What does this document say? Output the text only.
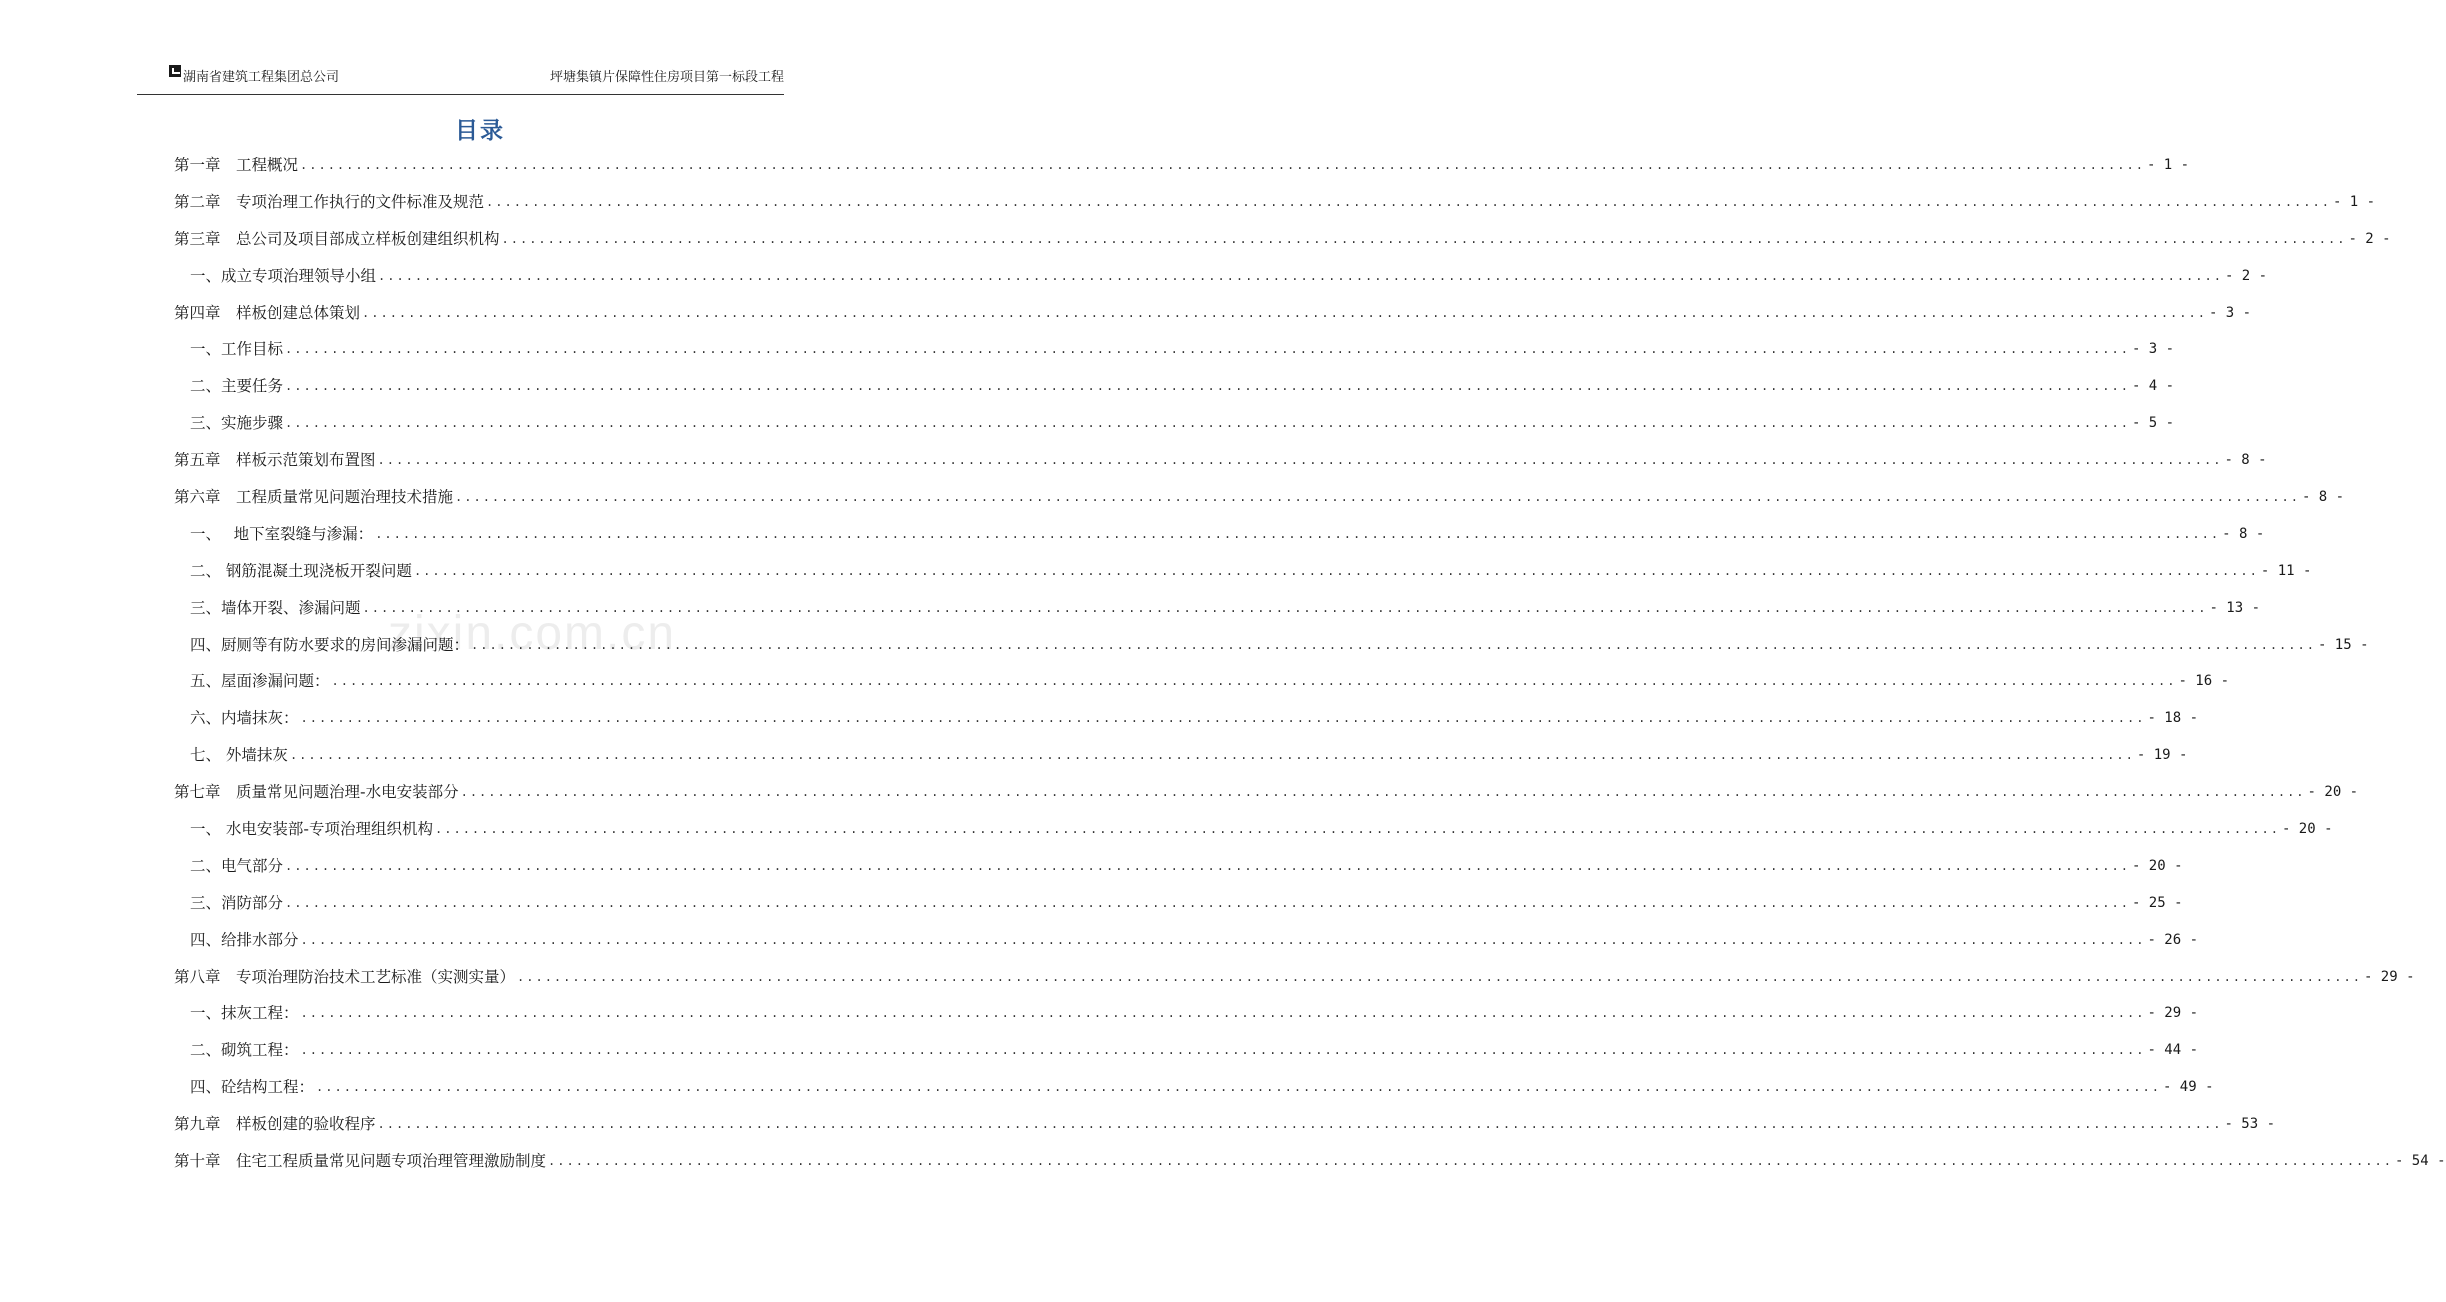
湖南省建筑工程集团总公司	坪塘集镇片保障性住房项目第一标段工程
目录
zixin.com.cn
第一章　工程概况 ........................................................................................................................................................................................................ - 1 -
第二章　专项治理工作执行的文件标准及规范 ........................................................................................................................................................................................................ - 1 -
第三章　总公司及项目部成立样板创建组织机构 ........................................................................................................................................................................................................ - 2 -
一、成立专项治理领导小组 ........................................................................................................................................................................................................ - 2 -
第四章　样板创建总体策划 ........................................................................................................................................................................................................ - 3 -
一、工作目标 ........................................................................................................................................................................................................ - 3 -
二、主要任务 ........................................................................................................................................................................................................ - 4 -
三、实施步骤 ........................................................................................................................................................................................................ - 5 -
第五章　样板示范策划布置图 ........................................................................................................................................................................................................ - 8 -
第六章　工程质量常见问题治理技术措施 ........................................................................................................................................................................................................ - 8 -
一、　 地下室裂缝与渗漏： ........................................................................................................................................................................................................ - 8 -
二、 钢筋混凝土现浇板开裂问题 ........................................................................................................................................................................................................ - 11 -
三、墙体开裂、渗漏问题 ........................................................................................................................................................................................................ - 13 -
四、厨厕等有防水要求的房间渗漏问题： ........................................................................................................................................................................................................ - 15 -
五、屋面渗漏问题： ........................................................................................................................................................................................................ - 16 -
六、内墙抹灰： ........................................................................................................................................................................................................ - 18 -
七、 外墙抹灰 ........................................................................................................................................................................................................ - 19 -
第七章　质量常见问题治理-水电安装部分 ........................................................................................................................................................................................................ - 20 -
一、 水电安装部-专项治理组织机构 ........................................................................................................................................................................................................ - 20 -
二、电气部分 ........................................................................................................................................................................................................ - 20 -
三、消防部分 ........................................................................................................................................................................................................ - 25 -
四、给排水部分 ........................................................................................................................................................................................................ - 26 -
第八章　专项治理防治技术工艺标准（实测实量） ........................................................................................................................................................................................................ - 29 -
一、抹灰工程： ........................................................................................................................................................................................................ - 29 -
二、砌筑工程： ........................................................................................................................................................................................................ - 44 -
四、砼结构工程： ........................................................................................................................................................................................................ - 49 -
第九章　样板创建的验收程序 ........................................................................................................................................................................................................ - 53 -
第十章　住宅工程质量常见问题专项治理管理激励制度 ........................................................................................................................................................................................................ - 54 -
